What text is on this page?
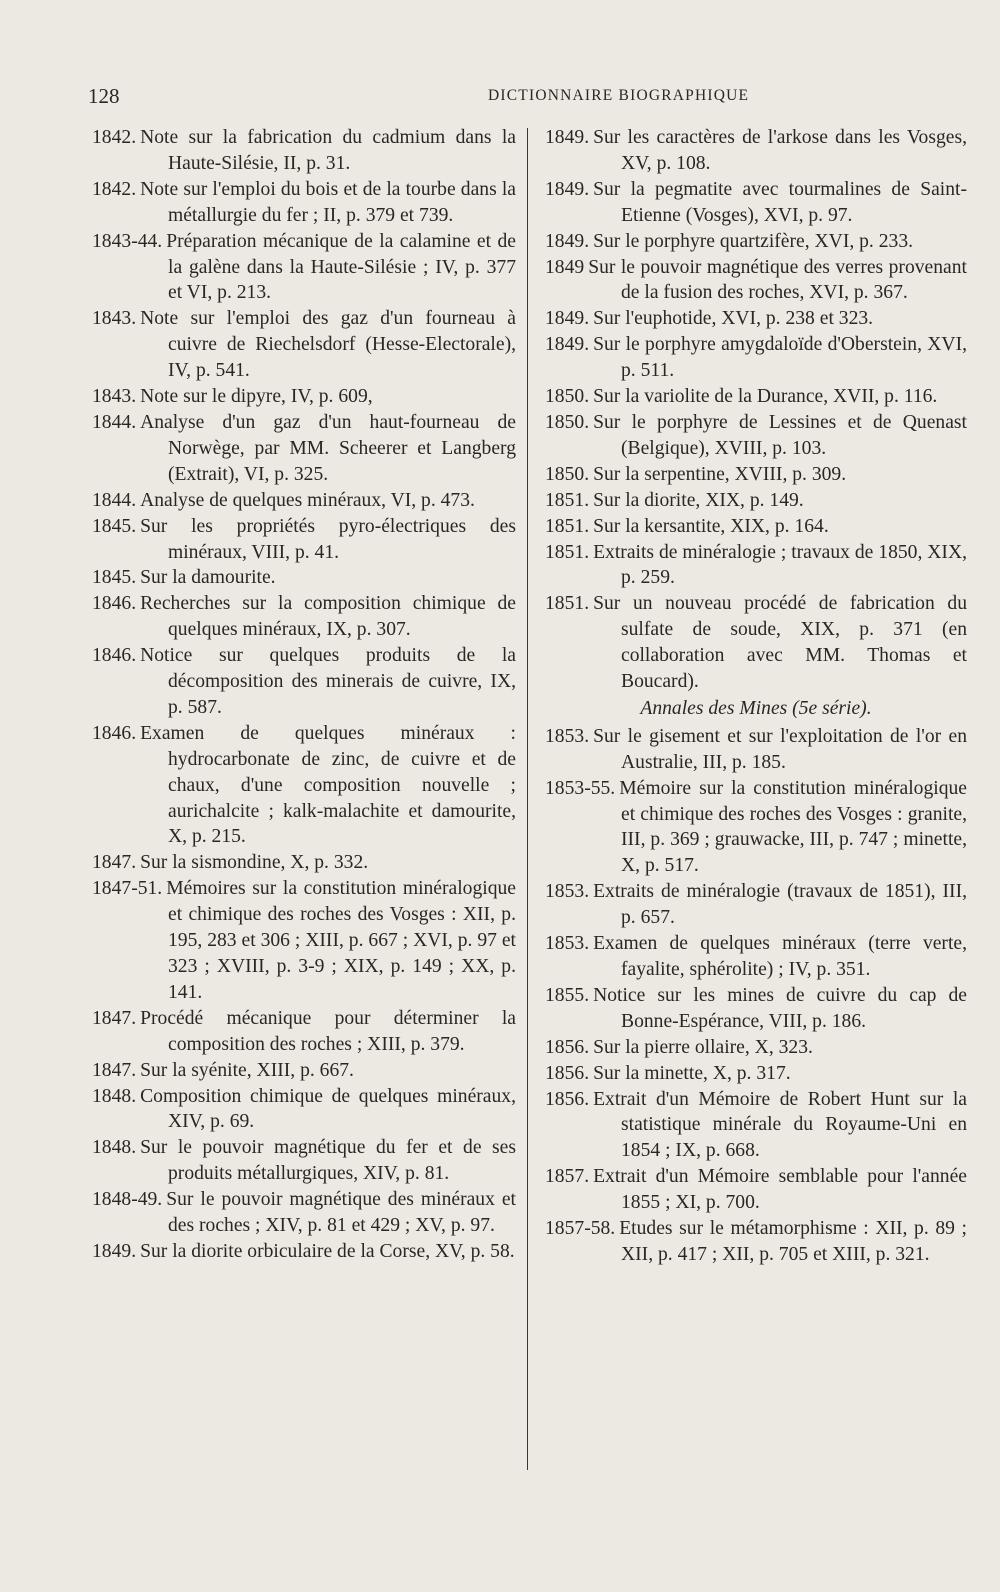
128	DICTIONNAIRE BIOGRAPHIQUE
1842. Note sur la fabrication du cadmium dans la Haute-Silésie, II, p. 31.
1842. Note sur l'emploi du bois et de la tourbe dans la métallurgie du fer ; II, p. 379 et 739.
1843-44. Préparation mécanique de la calamine et de la galène dans la Haute-Silésie ; IV, p. 377 et VI, p. 213.
1843. Note sur l'emploi des gaz d'un fourneau à cuivre de Riechelsdorf (Hesse-Electorale), IV, p. 541.
1843. Note sur le dipyre, IV, p. 609,
1844. Analyse d'un gaz d'un haut-fourneau de Norwège, par MM. Scheerer et Langberg (Extrait), VI, p. 325.
1844. Analyse de quelques minéraux, VI, p. 473.
1845. Sur les propriétés pyro-électriques des minéraux, VIII, p. 41.
1845. Sur la damourite.
1846. Recherches sur la composition chimique de quelques minéraux, IX, p. 307.
1846. Notice sur quelques produits de la décomposition des minerais de cuivre, IX, p. 587.
1846. Examen de quelques minéraux : hydrocarbonate de zinc, de cuivre et de chaux, d'une composition nouvelle ; aurichalcite ; kalk-malachite et damourite, X, p. 215.
1847. Sur la sismondine, X, p. 332.
1847-51. Mémoires sur la constitution minéralogique et chimique des roches des Vosges : XII, p. 195, 283 et 306 ; XIII, p. 667 ; XVI, p. 97 et 323 ; XVIII, p. 3-9 ; XIX, p. 149 ; XX, p. 141.
1847. Procédé mécanique pour déterminer la composition des roches ; XIII, p. 379.
1847. Sur la syénite, XIII, p. 667.
1848. Composition chimique de quelques minéraux, XIV, p. 69.
1848. Sur le pouvoir magnétique du fer et de ses produits métallurgiques, XIV, p. 81.
1848-49. Sur le pouvoir magnétique des minéraux et des roches ; XIV, p. 81 et 429 ; XV, p. 97.
1849. Sur la diorite orbiculaire de la Corse, XV, p. 58.
1849. Sur les caractères de l'arkose dans les Vosges, XV, p. 108.
1849. Sur la pegmatite avec tourmalines de Saint-Etienne (Vosges), XVI, p. 97.
1849. Sur le porphyre quartzifère, XVI, p. 233.
1849 Sur le pouvoir magnétique des verres provenant de la fusion des roches, XVI, p. 367.
1849. Sur l'euphotide, XVI, p. 238 et 323.
1849. Sur le porphyre amygdaloïde d'Oberstein, XVI, p. 511.
1850. Sur la variolite de la Durance, XVII, p. 116.
1850. Sur le porphyre de Lessines et de Quenast (Belgique), XVIII, p. 103.
1850. Sur la serpentine, XVIII, p. 309.
1851. Sur la diorite, XIX, p. 149.
1851. Sur la kersantite, XIX, p. 164.
1851. Extraits de minéralogie ; travaux de 1850, XIX, p. 259.
1851. Sur un nouveau procédé de fabrication du sulfate de soude, XIX, p. 371 (en collaboration avec MM. Thomas et Boucard).
Annales des Mines (5e série).
1853. Sur le gisement et sur l'exploitation de l'or en Australie, III, p. 185.
1853-55. Mémoire sur la constitution minéralogique et chimique des roches des Vosges : granite, III, p. 369 ; grauwacke, III, p. 747 ; minette, X, p. 517.
1853. Extraits de minéralogie (travaux de 1851), III, p. 657.
1853. Examen de quelques minéraux (terre verte, fayalite, sphérolite) ; IV, p. 351.
1855. Notice sur les mines de cuivre du cap de Bonne-Espérance, VIII, p. 186.
1856. Sur la pierre ollaire, X, 323.
1856. Sur la minette, X, p. 317.
1856. Extrait d'un Mémoire de Robert Hunt sur la statistique minérale du Royaume-Uni en 1854 ; IX, p. 668.
1857. Extrait d'un Mémoire semblable pour l'année 1855 ; XI, p. 700.
1857-58. Etudes sur le métamorphisme : XII, p. 89 ; XII, p. 417 ; XII, p. 705 et XIII, p. 321.
